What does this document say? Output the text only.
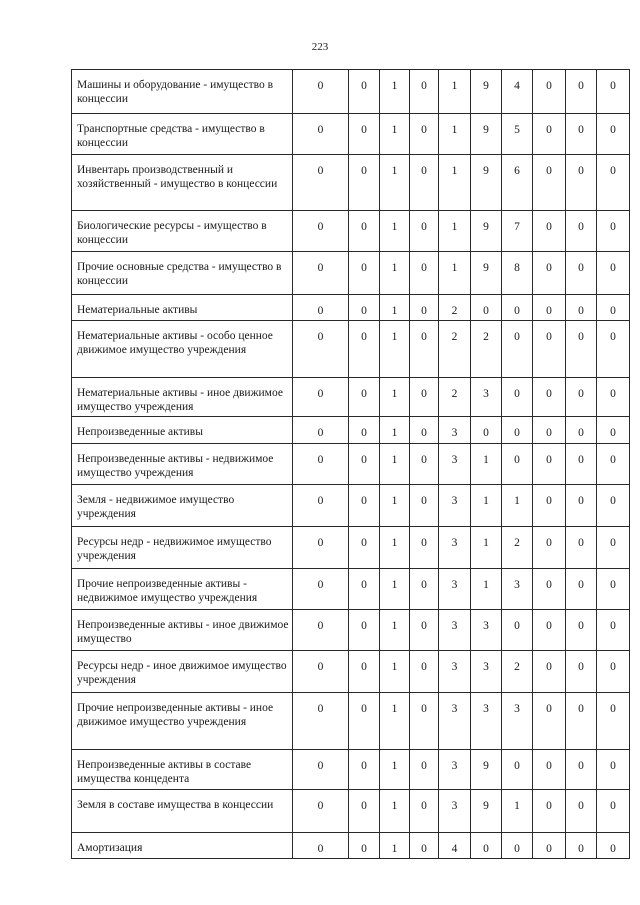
223
Машины и оборудование - имущество в концессии	0	0	1	0	1	9	4	0	0	0
Транспортные средства - имущество в концессии	0	0	1	0	1	9	5	0	0	0
Инвентарь производственный и хозяйственный - имущество в концессии	0	0	1	0	1	9	6	0	0	0
Биологические ресурсы - имущество в концессии	0	0	1	0	1	9	7	0	0	0
Прочие основные средства - имущество в концессии	0	0	1	0	1	9	8	0	0	0
Нематериальные активы	0	0	1	0	2	0	0	0	0	0
Нематериальные активы - особо ценное движимое имущество учреждения	0	0	1	0	2	2	0	0	0	0
Нематериальные активы - иное движимое имущество учреждения	0	0	1	0	2	3	0	0	0	0
Непроизведенные активы	0	0	1	0	3	0	0	0	0	0
Непроизведенные активы - недвижимое имущество учреждения	0	0	1	0	3	1	0	0	0	0
Земля - недвижимое имущество учреждения	0	0	1	0	3	1	1	0	0	0
Ресурсы недр - недвижимое имущество учреждения	0	0	1	0	3	1	2	0	0	0
Прочие непроизведенные активы - недвижимое имущество учреждения	0	0	1	0	3	1	3	0	0	0
Непроизведенные активы - иное движимое имущество	0	0	1	0	3	3	0	0	0	0
Ресурсы недр - иное движимое имущество учреждения	0	0	1	0	3	3	2	0	0	0
Прочие непроизведенные активы - иное движимое имущество учреждения	0	0	1	0	3	3	3	0	0	0
Непроизведенные активы в составе имущества концедента	0	0	1	0	3	9	0	0	0	0
Земля в составе имущества в концессии	0	0	1	0	3	9	1	0	0	0
Амортизация	0	0	1	0	4	0	0	0	0	0
